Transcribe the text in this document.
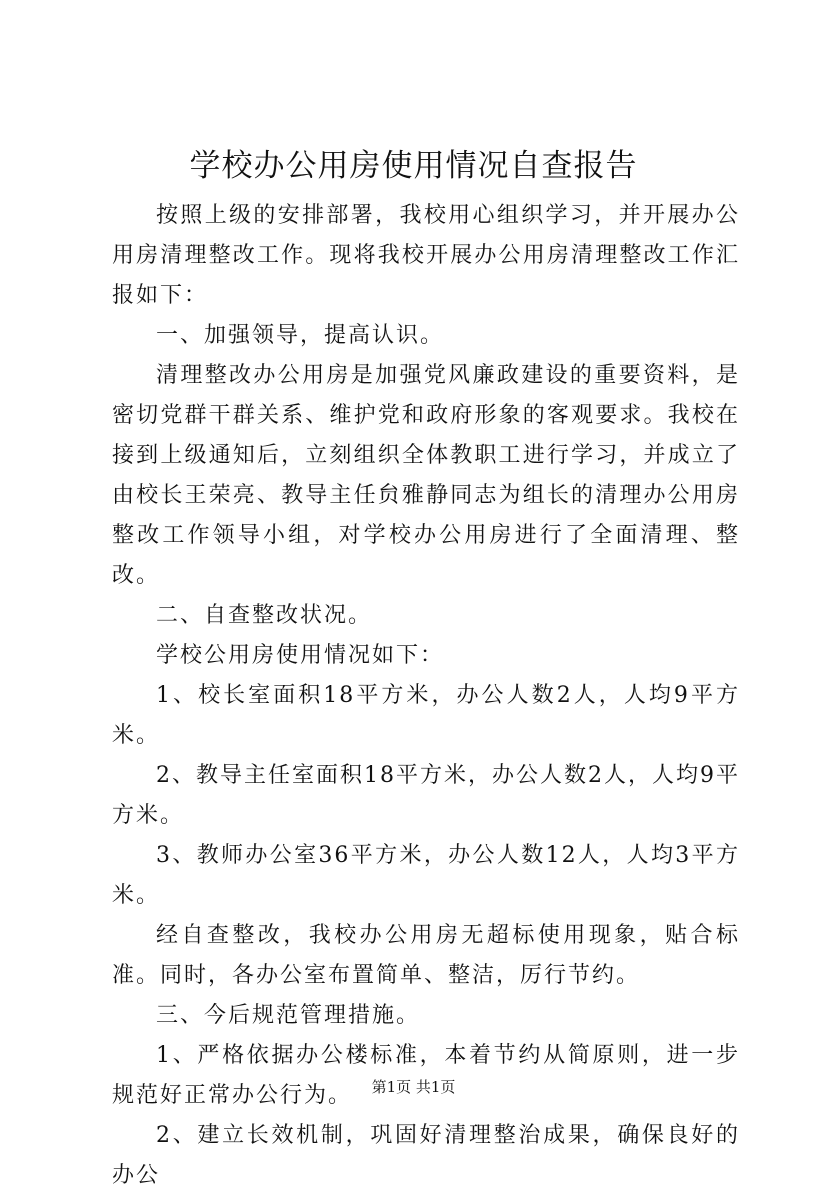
学校办公用房使用情况自查报告

按照上级的安排部署，我校用心组织学习，并开展办公用房清理整改工作。现将我校开展办公用房清理整改工作汇报如下：

一、加强领导，提高认识。

清理整改办公用房是加强党风廉政建设的重要资料，是密切党群干群关系、维护党和政府形象的客观要求。我校在接到上级通知后，立刻组织全体教职工进行学习，并成立了由校长王荣亮、教导主任贠雅静同志为组长的清理办公用房整改工作领导小组，对学校办公用房进行了全面清理、整改。

二、自查整改状况。

学校公用房使用情况如下：

1、校长室面积18平方米，办公人数2人，人均9平方米。

2、教导主任室面积18平方米，办公人数2人，人均9平方米。

3、教师办公室36平方米，办公人数12人，人均3平方米。

经自查整改，我校办公用房无超标使用现象，贴合标准。同时，各办公室布置简单、整洁，厉行节约。

三、今后规范管理措施。

1、严格依据办公楼标准，本着节约从简原则，进一步规范好正常办公行为。

2、建立长效机制，巩固好清理整治成果，确保良好的办公

第1页 共1页
